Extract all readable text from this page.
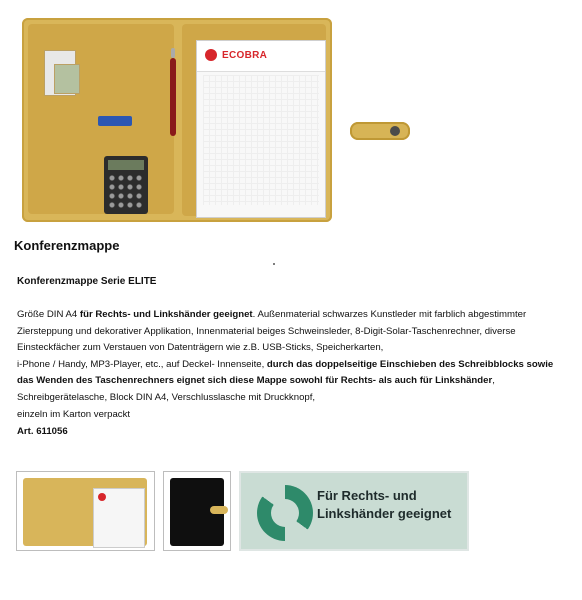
ECOBRA
Konferenzmappe
Konferenzmappe Serie ELITE
Größe DIN A4 für Rechts- und Linkshänder geeignet. Außenmaterial schwarzes Kunstleder mit farblich abgestimmter
Ziersteppung und dekorativer Applikation, Innenmaterial beiges Schweinsleder, 8-Digit-Solar-Taschenrechner, diverse
Einsteckfächer zum Verstauen von Datenträgern wie z.B. USB-Sticks, Speicherkarten,
i-Phone / Handy, MP3-Player, etc., auf Deckel- Innenseite, durch das doppelseitige Einschieben des Schreibblocks sowie
das Wenden des Taschenrechners eignet sich diese Mappe sowohl für Rechts- als auch für Linkshänder,
Schreibgerätelasche, Block DIN A4, Verschlusslasche mit Druckknopf,
einzeln im Karton verpackt
Art. 611056
Für Rechts- und
Linkshänder geeignet
